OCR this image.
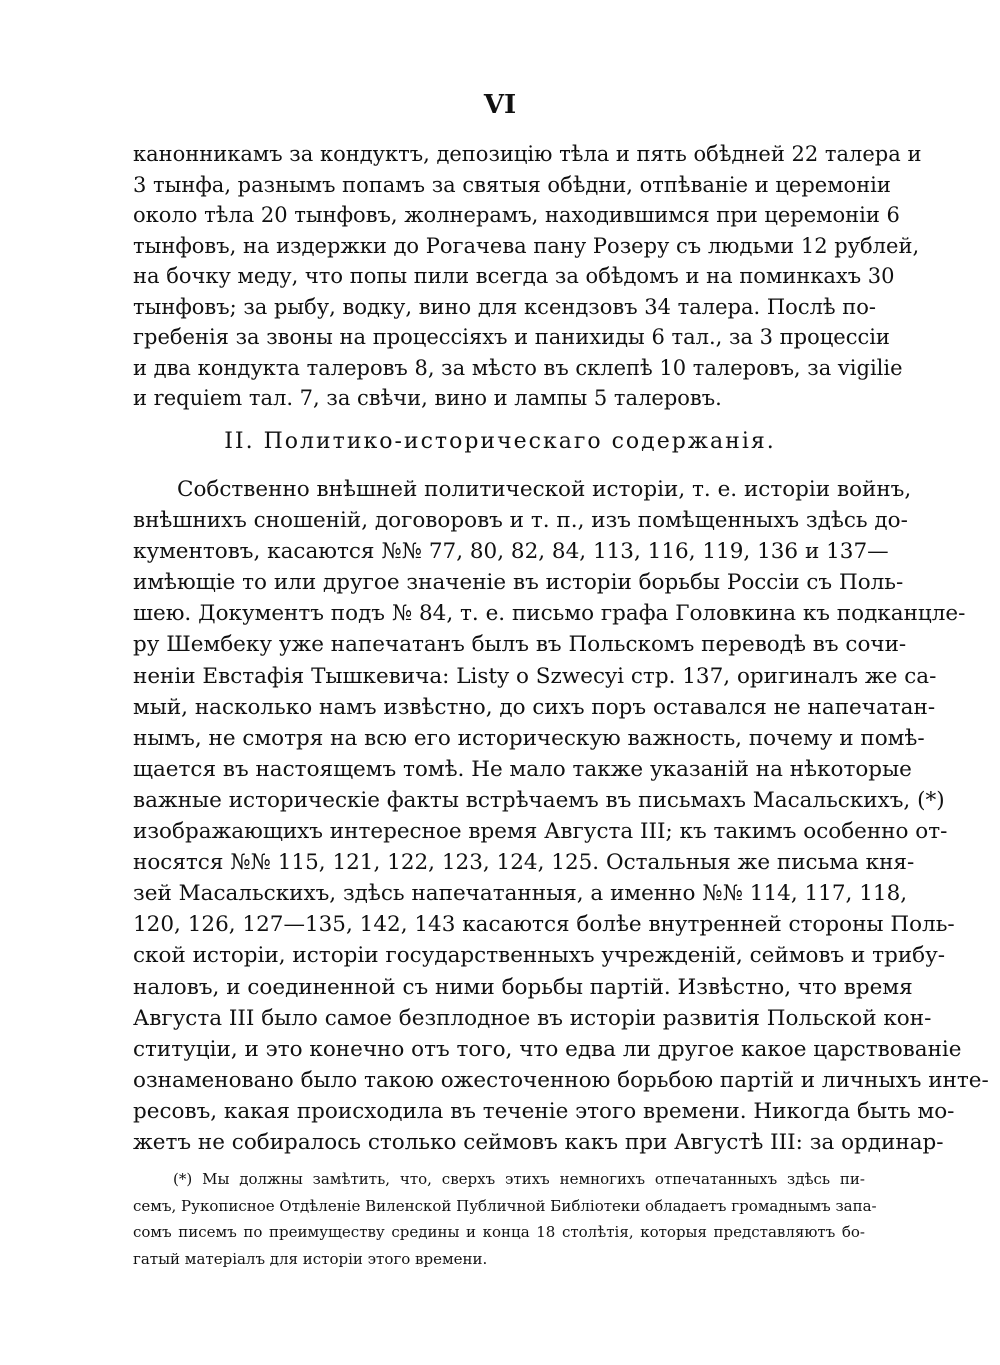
VI
канонникамъ за кондуктъ, депозицію тѣла и пять обѣдней 22 талера и
3 тынфа, разнымъ попамъ за святыя обѣдни, отпѣваніе и церемоніи
около тѣла 20 тынфовъ, жолнерамъ, находившимся при церемоніи 6
тынфовъ, на издержки до Рогачева пану Розеру съ людьми 12 рублей,
на бочку меду, что попы пили всегда за обѣдомъ и на поминкахъ 30
тынфовъ; за рыбу, водку, вино для ксендзовъ 34 талера. Послѣ по-
гребенія за звоны на процессіяхъ и панихиды 6 тал., за 3 процессіи
и два кондукта талеровъ 8, за мѣсто въ склепѣ 10 талеровъ, за vigilie
и requiem тал. 7, за свѣчи, вино и лампы 5 талеровъ.
II. Политико-историческаго содержанія.
Собственно внѣшней политической исторіи, т. е. исторіи войнъ,
внѣшнихъ сношеній, договоровъ и т. п., изъ помѣщенныхъ здѣсь до-
кументовъ, касаются №№ 77, 80, 82, 84, 113, 116, 119, 136 и 137—
имѣющіе то или другое значеніе въ исторіи борьбы Россіи съ Поль-
шею. Документъ подъ № 84, т. е. письмо графа Головкина къ подканцле-
ру Шембеку уже напечатанъ былъ въ Польскомъ переводѣ въ сочи-
неніи Евстафія Тышкевича: Listy o Szwecyi стр. 137, оригиналъ же са-
мый, насколько намъ извѣстно, до сихъ поръ оставался не напечатан-
нымъ, не смотря на всю его историческую важность, почему и помѣ-
щается въ настоящемъ томѣ. Не мало также указаній на нѣкоторые
важные историческіе факты встрѣчаемъ въ письмахъ Масальскихъ, (*)
изображающихъ интересное время Августа III; къ такимъ особенно от-
носятся №№ 115, 121, 122, 123, 124, 125. Остальныя же письма кня-
зей Масальскихъ, здѣсь напечатанныя, а именно №№ 114, 117, 118,
120, 126, 127—135, 142, 143 касаются болѣе внутренней стороны Поль-
ской исторіи, исторіи государственныхъ учрежденій, сеймовъ и трибу-
наловъ, и соединенной съ ними борьбы партій. Извѣстно, что время
Августа III было самое безплодное въ исторіи развитія Польской кон-
ституціи, и это конечно отъ того, что едва ли другое какое царствованіе
ознаменовано было такою ожесточенною борьбою партій и личныхъ инте-
ресовъ, какая происходила въ теченіе этого времени. Никогда быть мо-
жетъ не собиралось столько сеймовъ какъ при Августѣ III: за ординар-
(*) Мы должны замѣтить, что, сверхъ этихъ немногихъ отпечатанныхъ здѣсь пи-
семъ, Рукописное Отдѣленіе Виленской Публичной Библіотеки обладаетъ громаднымъ запа-
сомъ писемъ по преимуществу средины и конца 18 столѣтія, которыя представляютъ бо-
гатый матеріалъ для исторіи этого времени.
